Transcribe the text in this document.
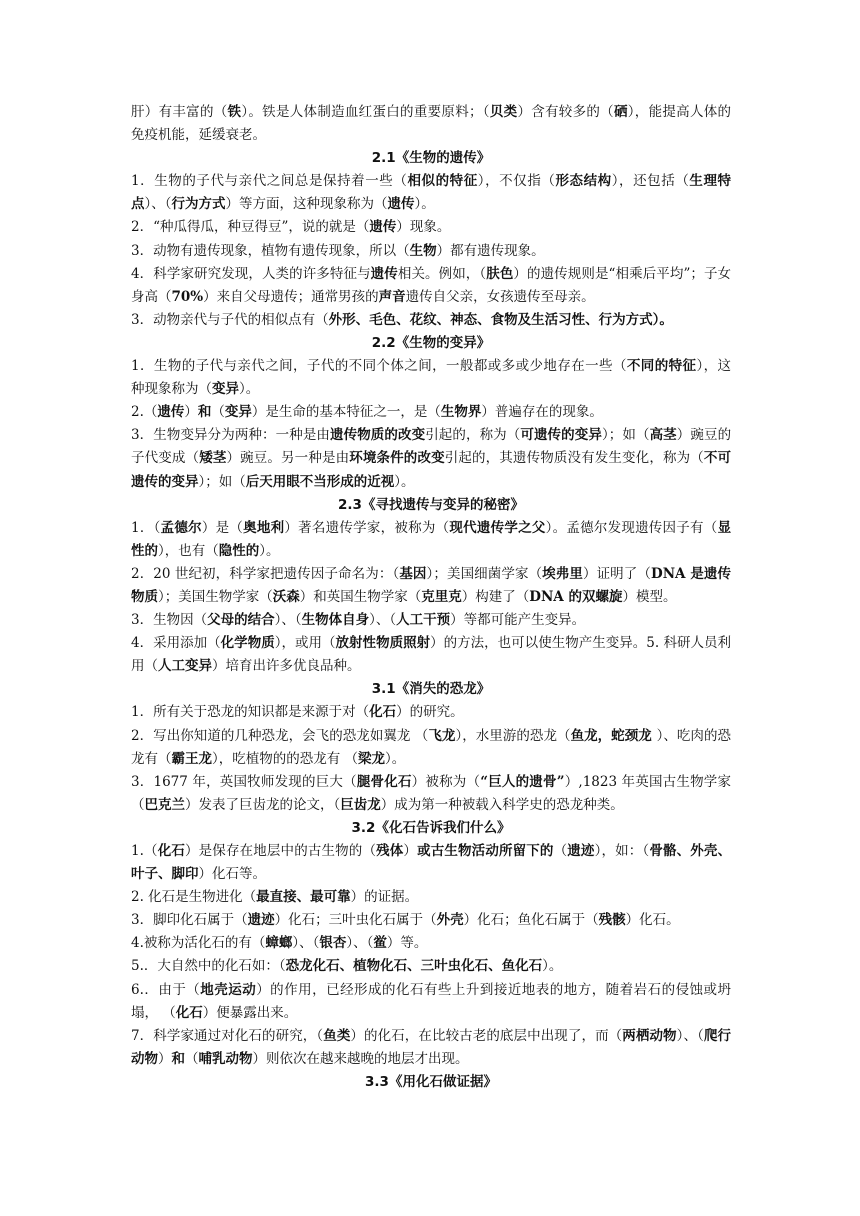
肝）有丰富的（铁）。铁是人体制造血红蛋白的重要原料；（贝类）含有较多的（硒），能提高人体的免疫机能，延缓衰老。

2.1《生物的遗传》

1．生物的子代与亲代之间总是保持着一些（相似的特征），不仅指（形态结构），还包括（生理特点）、（行为方式）等方面，这种现象称为（遗传）。

2．“种瓜得瓜，种豆得豆”，说的就是（遗传）现象。

3．动物有遗传现象，植物有遗传现象，所以（生物）都有遗传现象。

4．科学家研究发现，人类的许多特征与遗传相关。例如，（肤色）的遗传规则是“相乘后平均”；子女身高（70%）来自父母遗传；通常男孩的声音遗传自父亲，女孩遗传至母亲。

3．动物亲代与子代的相似点有（外形、毛色、花纹、神态、食物及生活习性、行为方式）。

2.2《生物的变异》

1．生物的子代与亲代之间，子代的不同个体之间，一般都或多或少地存在一些（不同的特征），这 种现象称为（变异）。

2.（遗传）和（变异）是生命的基本特征之一，是（生物界）普遍存在的现象。

3．生物变异分为两种：一种是由遗传物质的改变引起的，称为（可遗传的变异）；如（高茎）豌豆的子代变成（矮茎）豌豆。另一种是由环境条件的改变引起的，其遗传物质没有发生变化，称为（不可遗传的变异）；如（后天用眼不当形成的近视）。

2.3《寻找遗传与变异的秘密》

1．（孟德尔）是（奥地利）著名遗传学家，被称为（现代遗传学之父）。孟德尔发现遗传因子有（显性的），也有（隐性的）。

2．20 世纪初，科学家把遗传因子命名为：（基因）；美国细菌学家（埃弗里）证明了（DNA 是遗传物质）；美国生物学家（沃森）和英国生物学家（克里克）构建了（DNA 的双螺旋）模型。

3．生物因（父母的结合）、（生物体自身）、（人工干预）等都可能产生变异。

4．采用添加（化学物质），或用（放射性物质照射）的方法，也可以使生物产生变异。5. 科研人员利用（人工变异）培育出许多优良品种。

3.1《消失的恐龙》

1．所有关于恐龙的知识都是来源于对（化石）的研究。

2．写出你知道的几种恐龙，会飞的恐龙如翼龙 （飞龙），水里游的恐龙（鱼龙，蛇颈龙 ）、吃肉的恐龙有（霸王龙），吃植物的的恐龙有 （梁龙）。

3．1677 年，英国牧师发现的巨大（腿骨化石）被称为（“巨人的遗骨”）,1823 年英国古生物学家（巴克兰）发表了巨齿龙的论文，（巨齿龙）成为第一种被载入科学史的恐龙种类。

3.2《化石告诉我们什么》

1.（化石）是保存在地层中的古生物的（残体）或古生物活动所留下的（遗迹），如：（骨骼、外壳、叶子、脚印）化石等。

2. 化石是生物进化（最直接、最可靠）的证据。

3．脚印化石属于（遗迹）化石；三叶虫化石属于（外壳）化石；鱼化石属于（残骸）化石。

4.被称为活化石的有（蟑螂）、（银杏）、（鲎）等。

5.．大自然中的化石如：（恐龙化石、植物化石、三叶虫化石、鱼化石）。

6.．由于（地壳运动）的作用，已经形成的化石有些上升到接近地表的地方，随着岩石的侵蚀或坍塌， （化石）便暴露出来。

7．科学家通过对化石的研究，（鱼类）的化石，在比较古老的底层中出现了，而（两栖动物）、（爬行动物）和（哺乳动物）则依次在越来越晚的地层才出现。

3.3《用化石做证据》
